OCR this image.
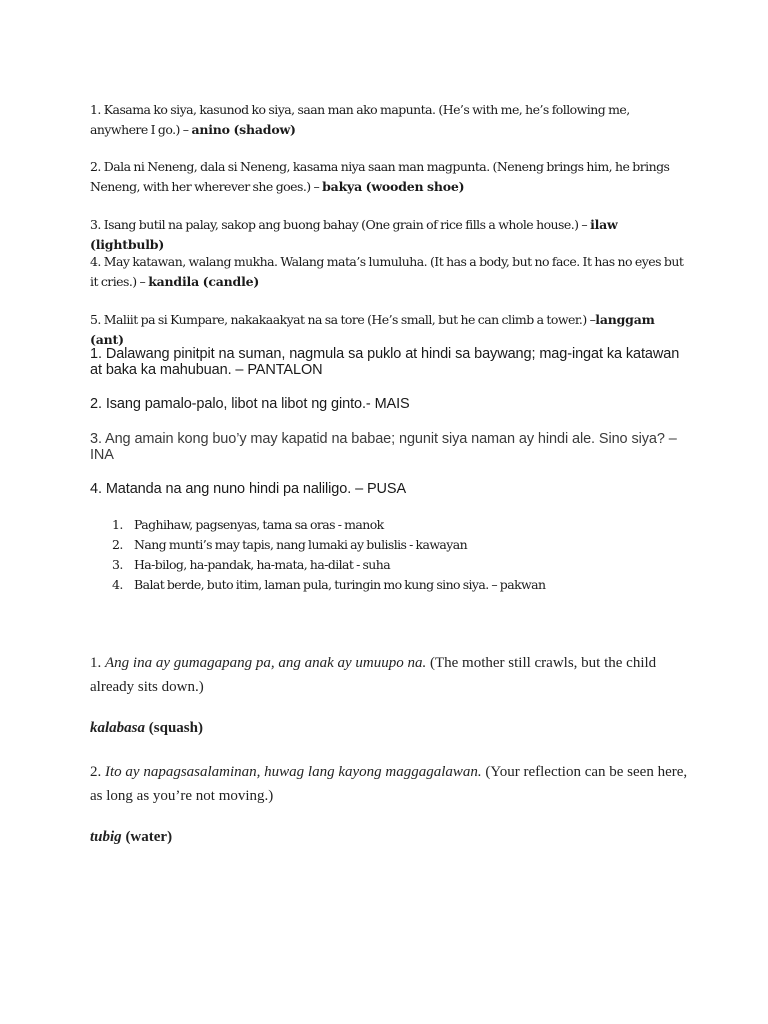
1. Kasama ko siya, kasunod ko siya, saan man ako mapunta. (He’s with me, he’s following me, anywhere I go.) – anino (shadow)

2. Dala ni Neneng, dala si Neneng, kasama niya saan man magpunta. (Neneng brings him, he brings Neneng, with her wherever she goes.) – bakya (wooden shoe)

3. Isang butil na palay, sakop ang buong bahay (One grain of rice fills a whole house.) – ilaw (lightbulb)

4. May katawan, walang mukha. Walang mata’s lumuluha. (It has a body, but no face. It has no eyes but it cries.) – kandila (candle)

5. Maliit pa si Kumpare, nakakaakyat na sa tore (He’s small, but he can climb a tower.) –langgam (ant)

1. Dalawang pinitpit na suman, nagmula sa puklo at hindi sa baywang; mag-ingat ka katawan at baka ka mahubuan. – PANTALON

2. Isang pamalo-palo, libot na libot ng ginto.- MAIS

3. Ang amain kong buo’y may kapatid na babae; ngunit siya naman ay hindi ale. Sino siya? – INA

4. Matanda na ang nuno hindi pa naliligo. – PUSA

1. Paghihaw, pagsenyas, tama sa oras - manok
2. Nang munti’s may tapis, nang lumaki ay bulislis - kawayan
3. Ha-bilog, ha-pandak, ha-mata, ha-dilat - suha
4. Balat berde, buto itim, laman pula, turingin mo kung sino siya. – pakwan

1. Ang ina ay gumagapang pa, ang anak ay umuupo na. (The mother still crawls, but the child already sits down.)

kalabasa (squash)

2. Ito ay napagsasalaminan, huwag lang kayong maggagalawan. (Your reflection can be seen here, as long as you’re not moving.)

tubig (water)
